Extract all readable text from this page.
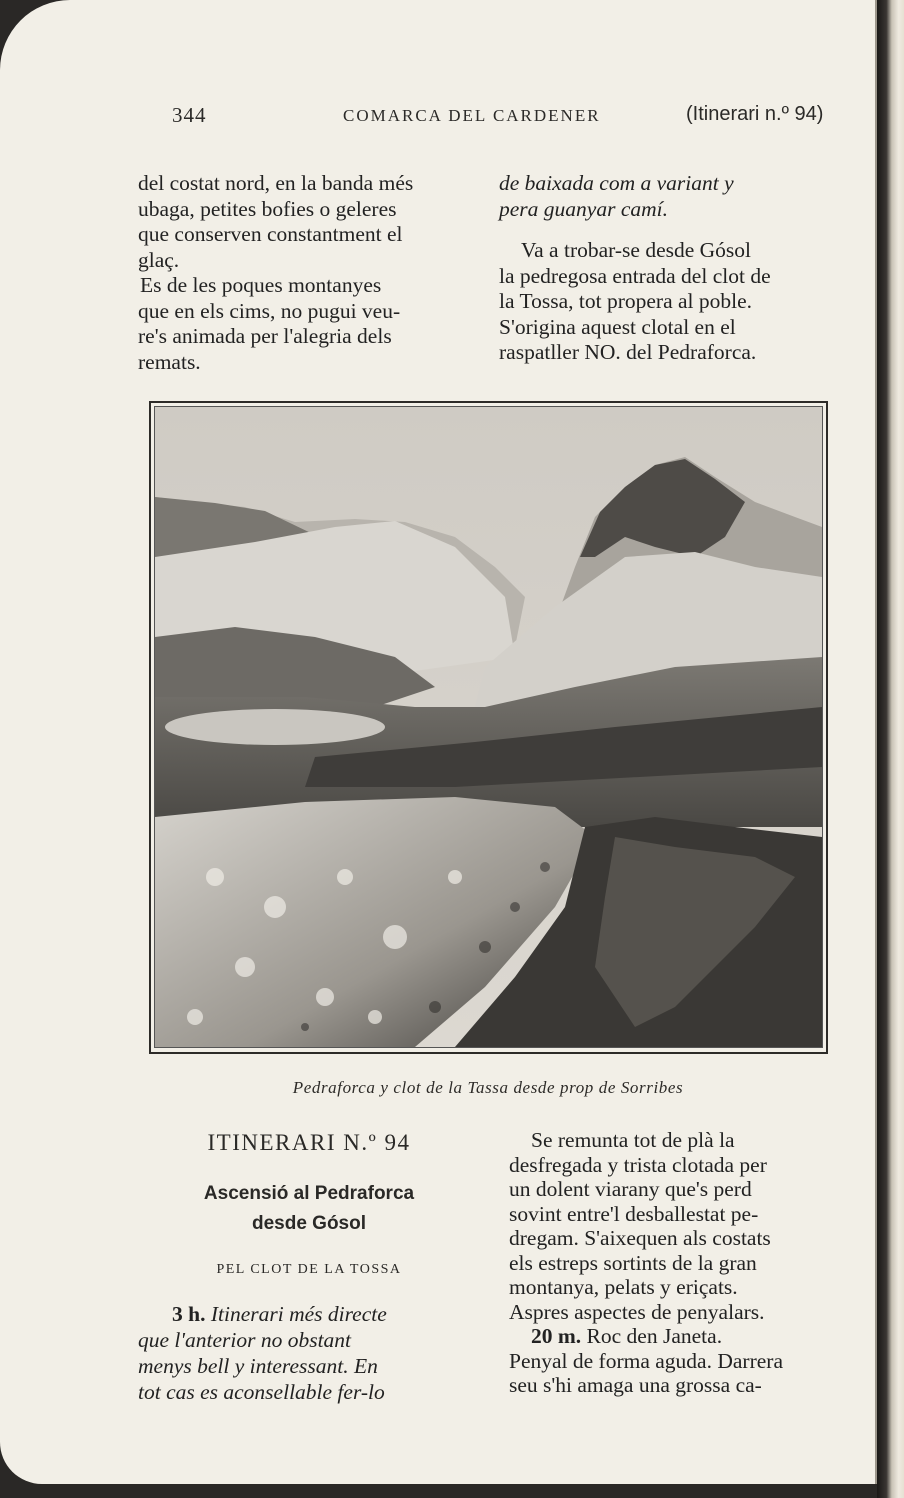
344	COMARCA DEL CARDENER	(Itinerari n.º 94)

del costat nord, en la banda més

ubaga, petites bofies o geleres

que conserven constantment el

glaç.

Es de les poques montanyes

que en els cims, no pugui veu-

re's animada per l'alegria dels

remats.

de baixada com a variant y

pera guanyar camí.

Va a trobar-se desde Gósol

la pedregosa entrada del clot de

la Tossa, tot propera al poble.

S'origina aquest clotal en el

raspatller NO. del Pedraforca.

Pedraforca y clot de la Tassa desde prop de Sorribes
ITINERARI N.º 94
Ascensió al Pedraforca
desde Gósol
PEL CLOT DE LA TOSSA

3 h. Itinerari més directe

que l'anterior no obstant

menys bell y interessant. En

tot cas es aconsellable fer-lo

Se remunta tot de plà la

desfregada y trista clotada per

un dolent viarany que's perd

sovint entre'l desballestat pe-

dregam. S'aixequen als costats

els estreps sortints de la gran

montanya, pelats y eriçats.

Aspres aspectes de penyalars.

20 m. Roc den Janeta.

Penyal de forma aguda. Darrera

seu s'hi amaga una grossa ca-
